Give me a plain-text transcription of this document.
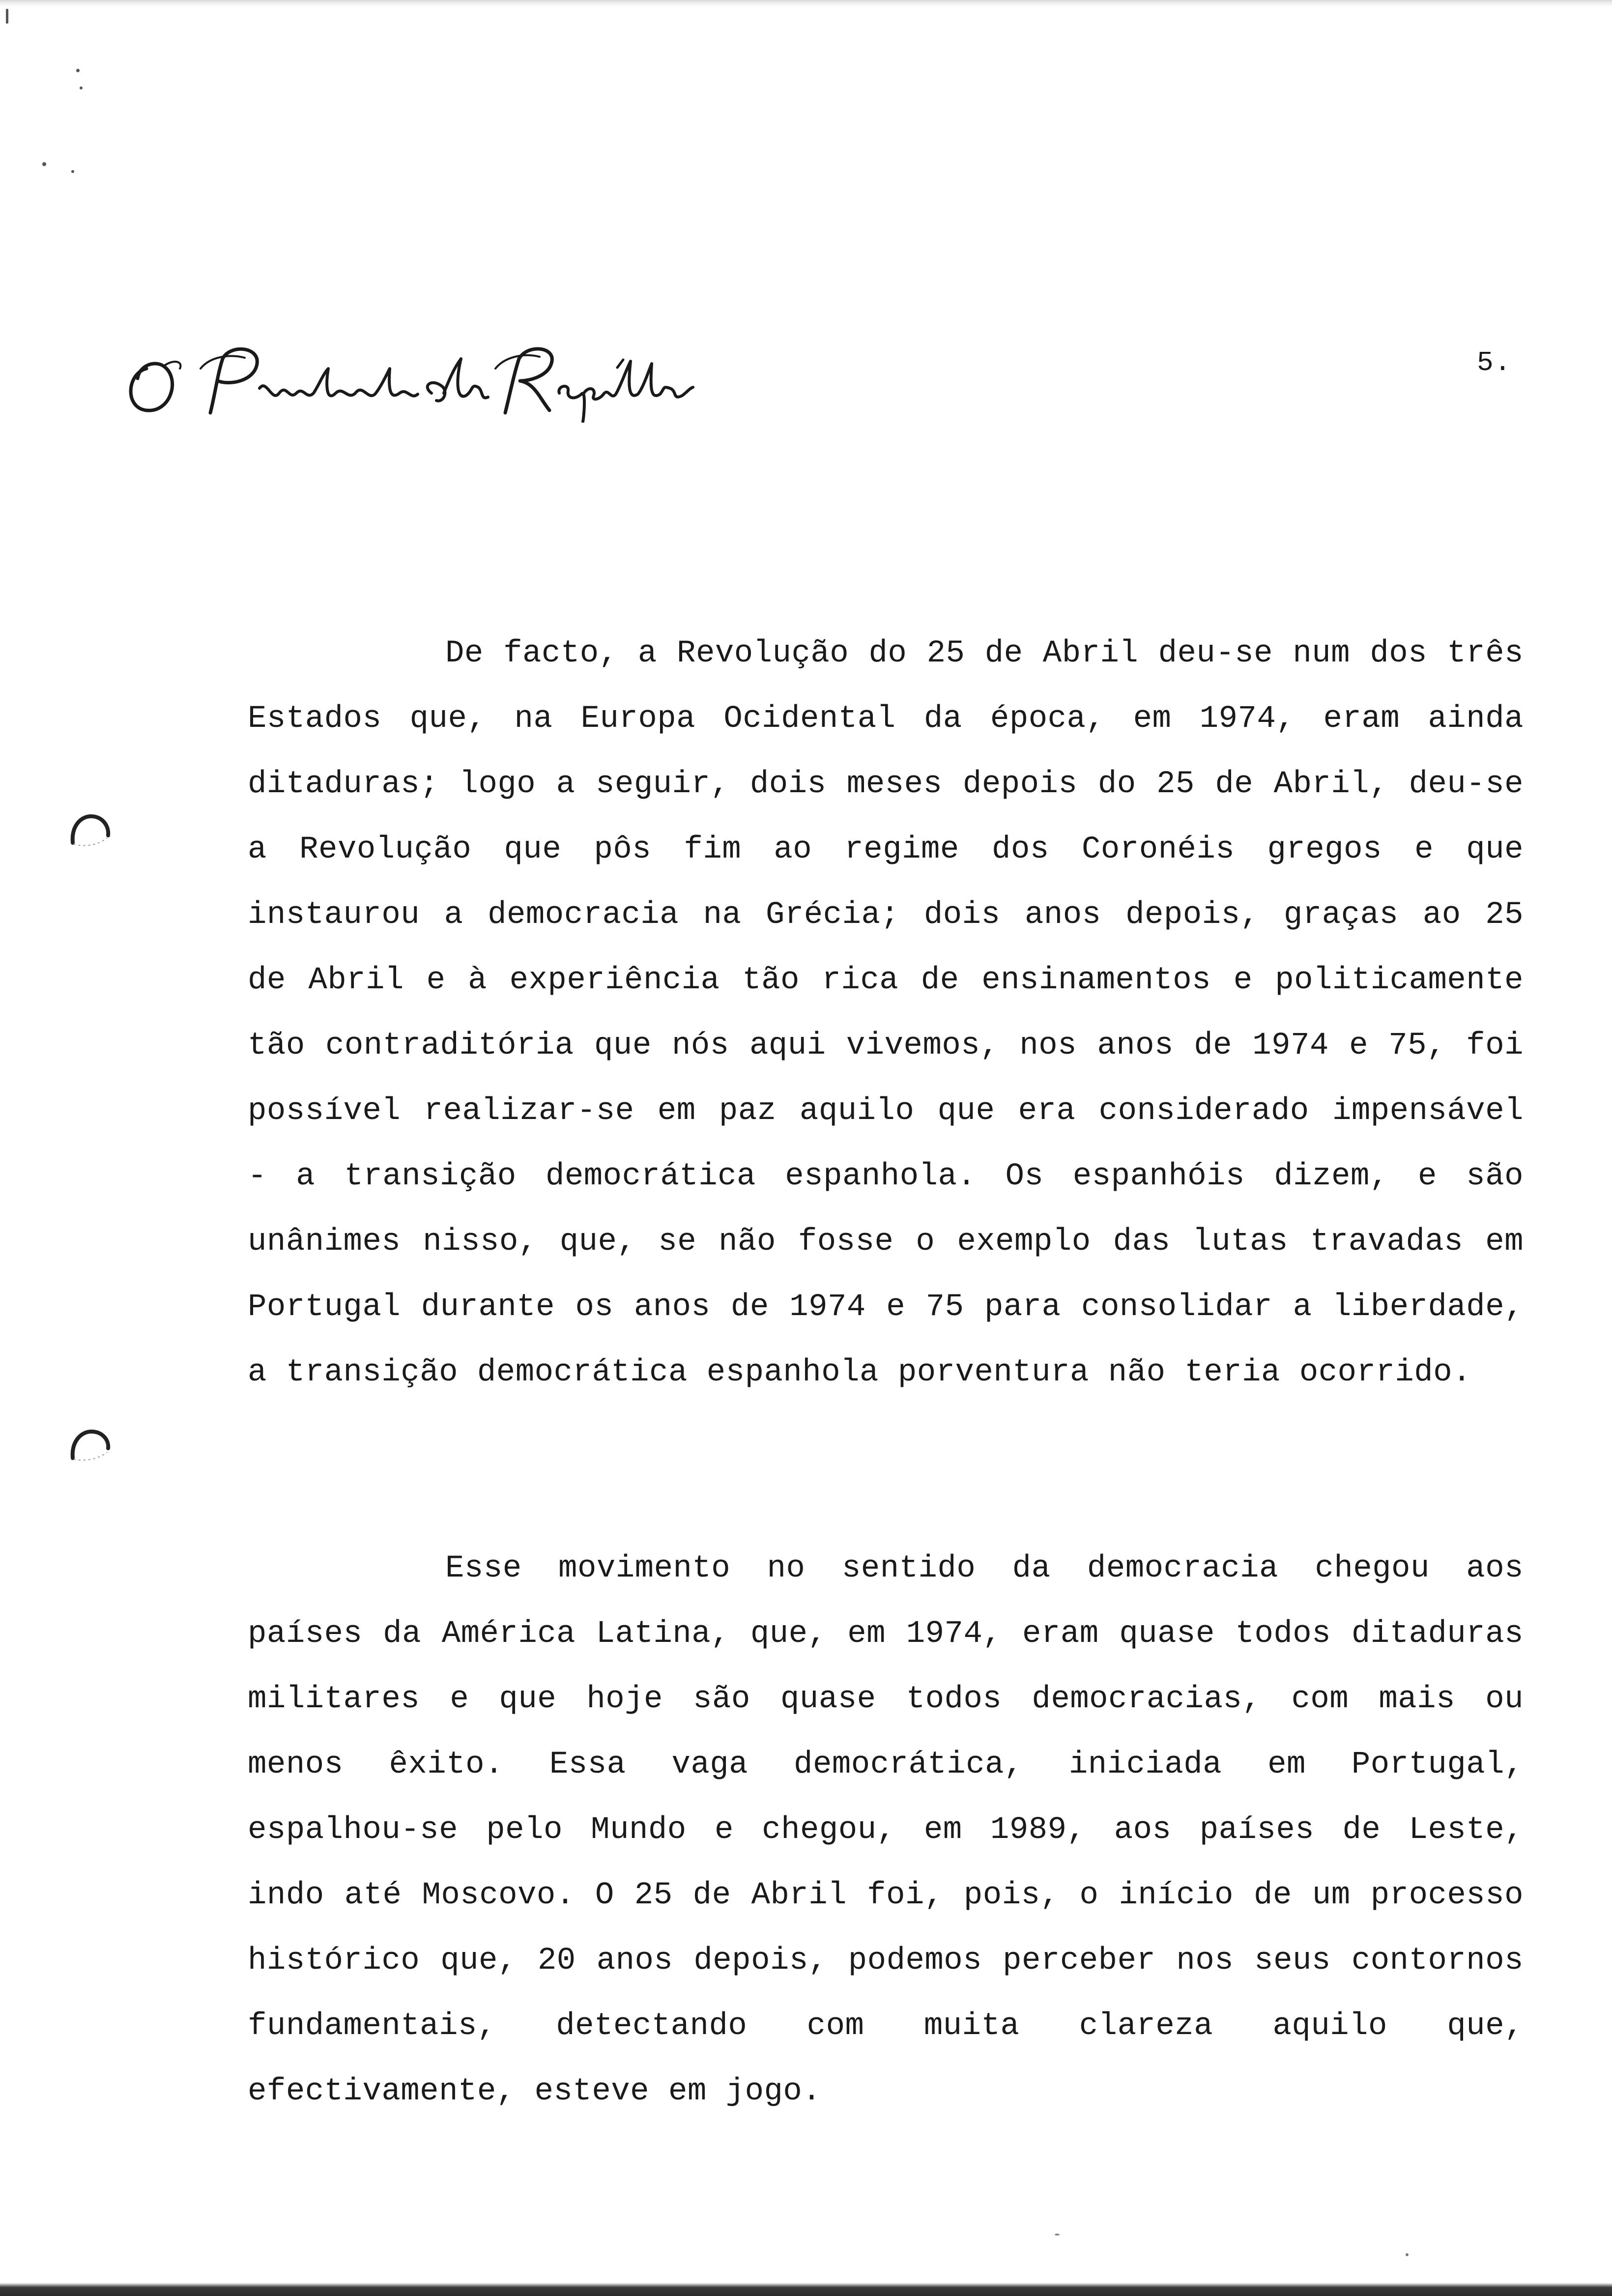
5.

De facto, a Revolução do 25 de Abril deu-se num dos três Estados que, na Europa Ocidental da época, em 1974, eram ainda ditaduras; logo a seguir, dois meses depois do 25 de Abril, deu-se a Revolução que pôs fim ao regime dos Coronéis gregos e que instaurou a democracia na Grécia; dois anos depois, graças ao 25 de Abril e à experiência tão rica de ensinamentos e politicamente tão contraditória que nós aqui vivemos, nos anos de 1974 e 75, foi possível realizar-se em paz aquilo que era considerado impensável - a transição democrática espanhola. Os espanhóis dizem, e são unânimes nisso, que, se não fosse o exemplo das lutas travadas em Portugal durante os anos de 1974 e 75 para consolidar a liberdade, a transição democrática espanhola porventura não teria ocorrido.

Esse movimento no sentido da democracia chegou aos países da América Latina, que, em 1974, eram quase todos ditaduras militares e que hoje são quase todos democracias, com mais ou menos êxito. Essa vaga democrática, iniciada em Portugal, espalhou-se pelo Mundo e chegou, em 1989, aos países de Leste, indo até Moscovo. O 25 de Abril foi, pois, o início de um processo histórico que, 20 anos depois, podemos perceber nos seus contornos fundamentais, detectando com muita clareza aquilo que, efectivamente, esteve em jogo.
